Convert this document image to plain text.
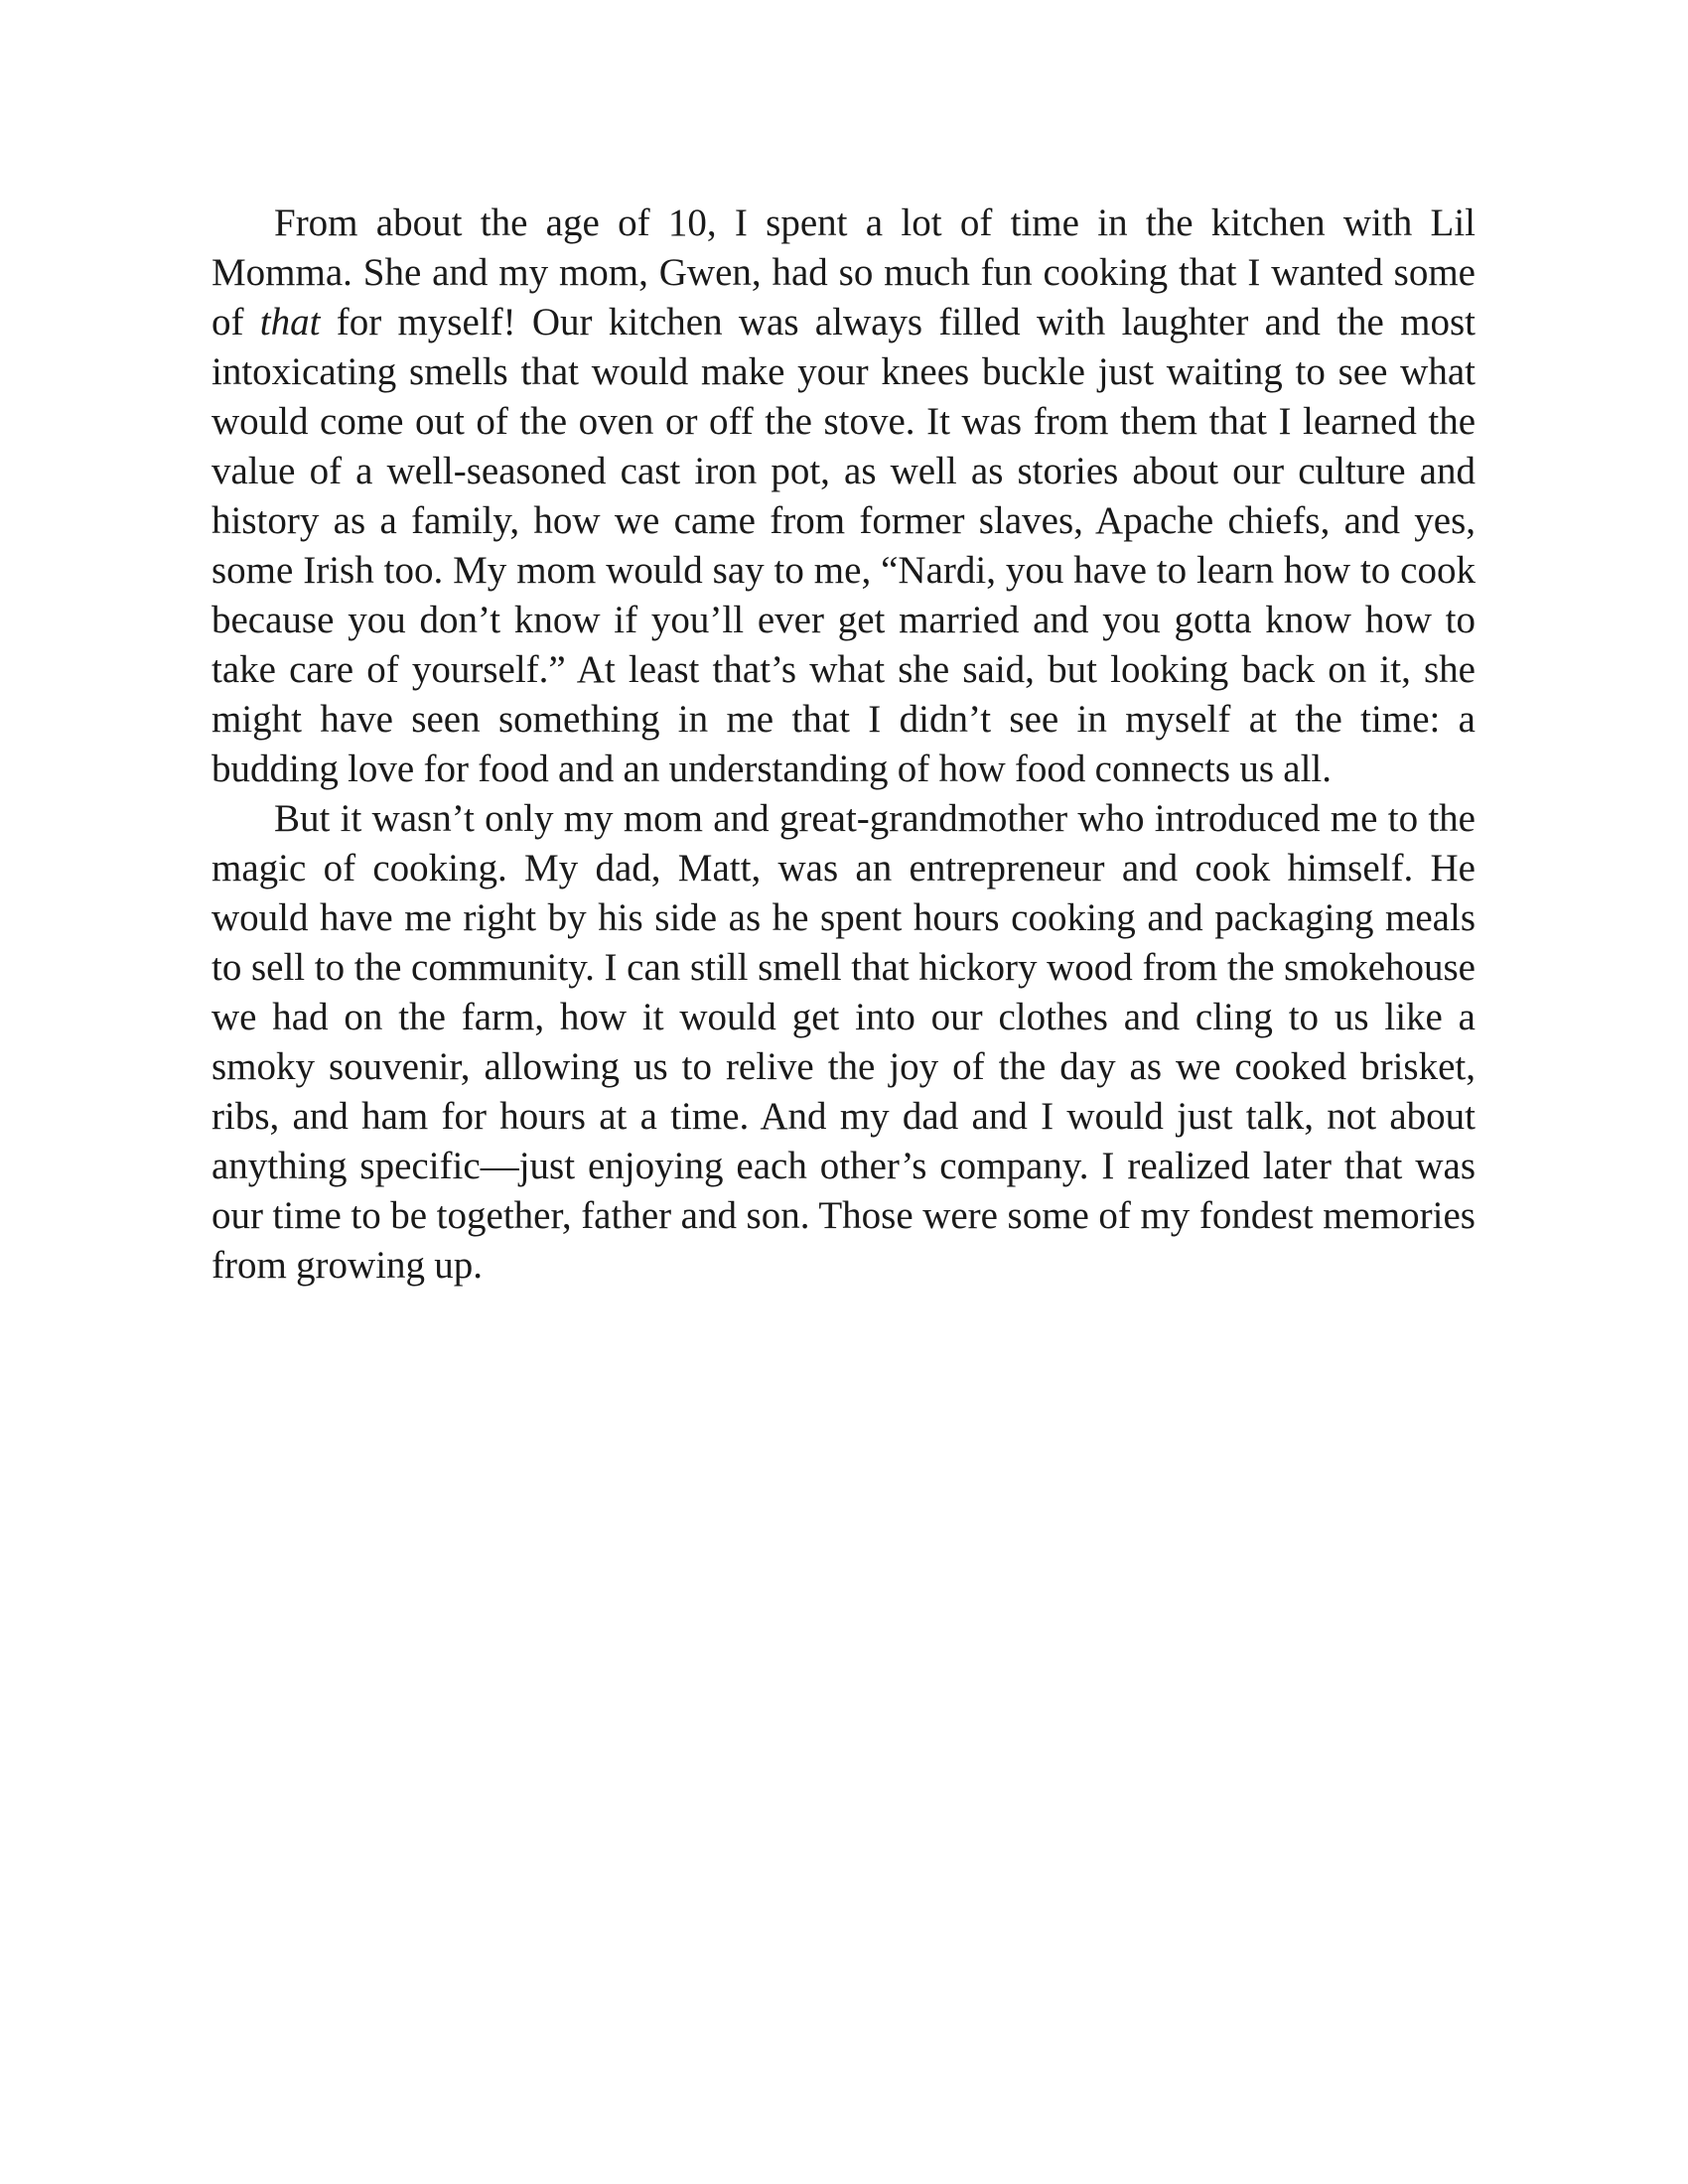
From about the age of 10, I spent a lot of time in the kitchen with Lil Momma. She and my mom, Gwen, had so much fun cooking that I wanted some of that for myself! Our kitchen was always filled with laughter and the most intoxicating smells that would make your knees buckle just waiting to see what would come out of the oven or off the stove. It was from them that I learned the value of a well-seasoned cast iron pot, as well as stories about our culture and history as a family, how we came from former slaves, Apache chiefs, and yes, some Irish too. My mom would say to me, “Nardi, you have to learn how to cook because you don’t know if you’ll ever get married and you gotta know how to take care of yourself.” At least that’s what she said, but looking back on it, she might have seen something in me that I didn’t see in myself at the time: a budding love for food and an understanding of how food connects us all.

But it wasn’t only my mom and great-grandmother who introduced me to the magic of cooking. My dad, Matt, was an entrepreneur and cook himself. He would have me right by his side as he spent hours cooking and packaging meals to sell to the community. I can still smell that hickory wood from the smokehouse we had on the farm, how it would get into our clothes and cling to us like a smoky souvenir, allowing us to relive the joy of the day as we cooked brisket, ribs, and ham for hours at a time. And my dad and I would just talk, not about anything specific—just enjoying each other’s company. I realized later that was our time to be together, father and son. Those were some of my fondest memories from growing up.
